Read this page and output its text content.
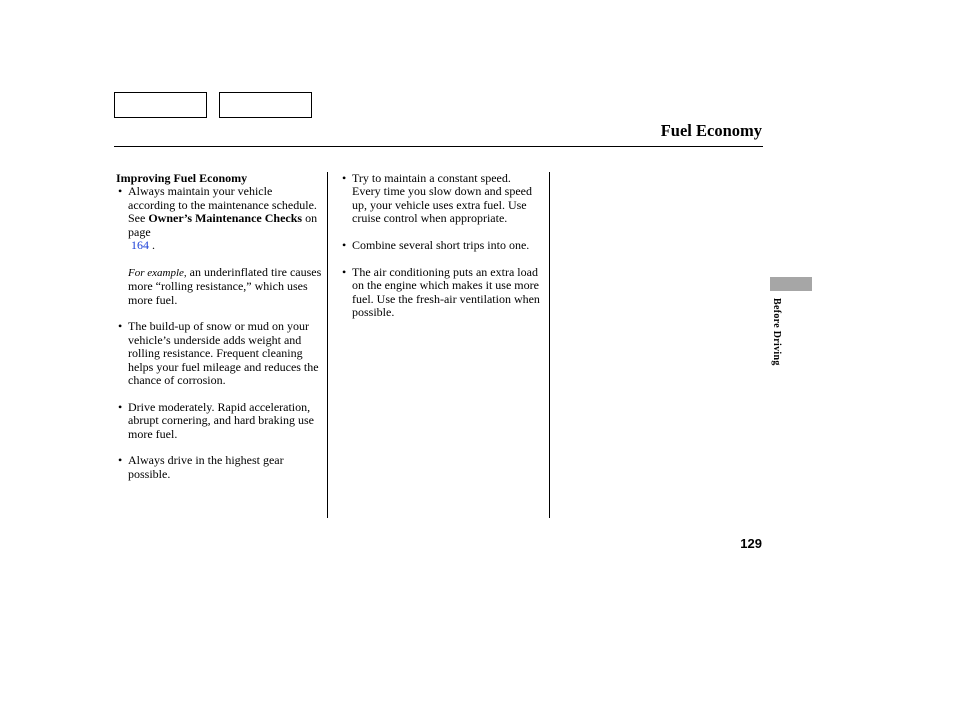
Fuel Economy

Improving Fuel Economy

• Always maintain your vehicle according to the maintenance schedule. See Owner’s Maintenance Checks on page
164 .

For example, an underinflated tire causes more “rolling resistance,” which uses more fuel.

• The build-up of snow or mud on your vehicle’s underside adds weight and rolling resistance. Frequent cleaning helps your fuel mileage and reduces the chance of corrosion.
• Drive moderately. Rapid acceleration, abrupt cornering, and hard braking use more fuel.
• Always drive in the highest gear possible.
• Try to maintain a constant speed. Every time you slow down and speed up, your vehicle uses extra fuel. Use cruise control when appropriate.
• Combine several short trips into one.
• The air conditioning puts an extra load on the engine which makes it use more fuel. Use the fresh-air ventilation when possible.	Before Driving
129
